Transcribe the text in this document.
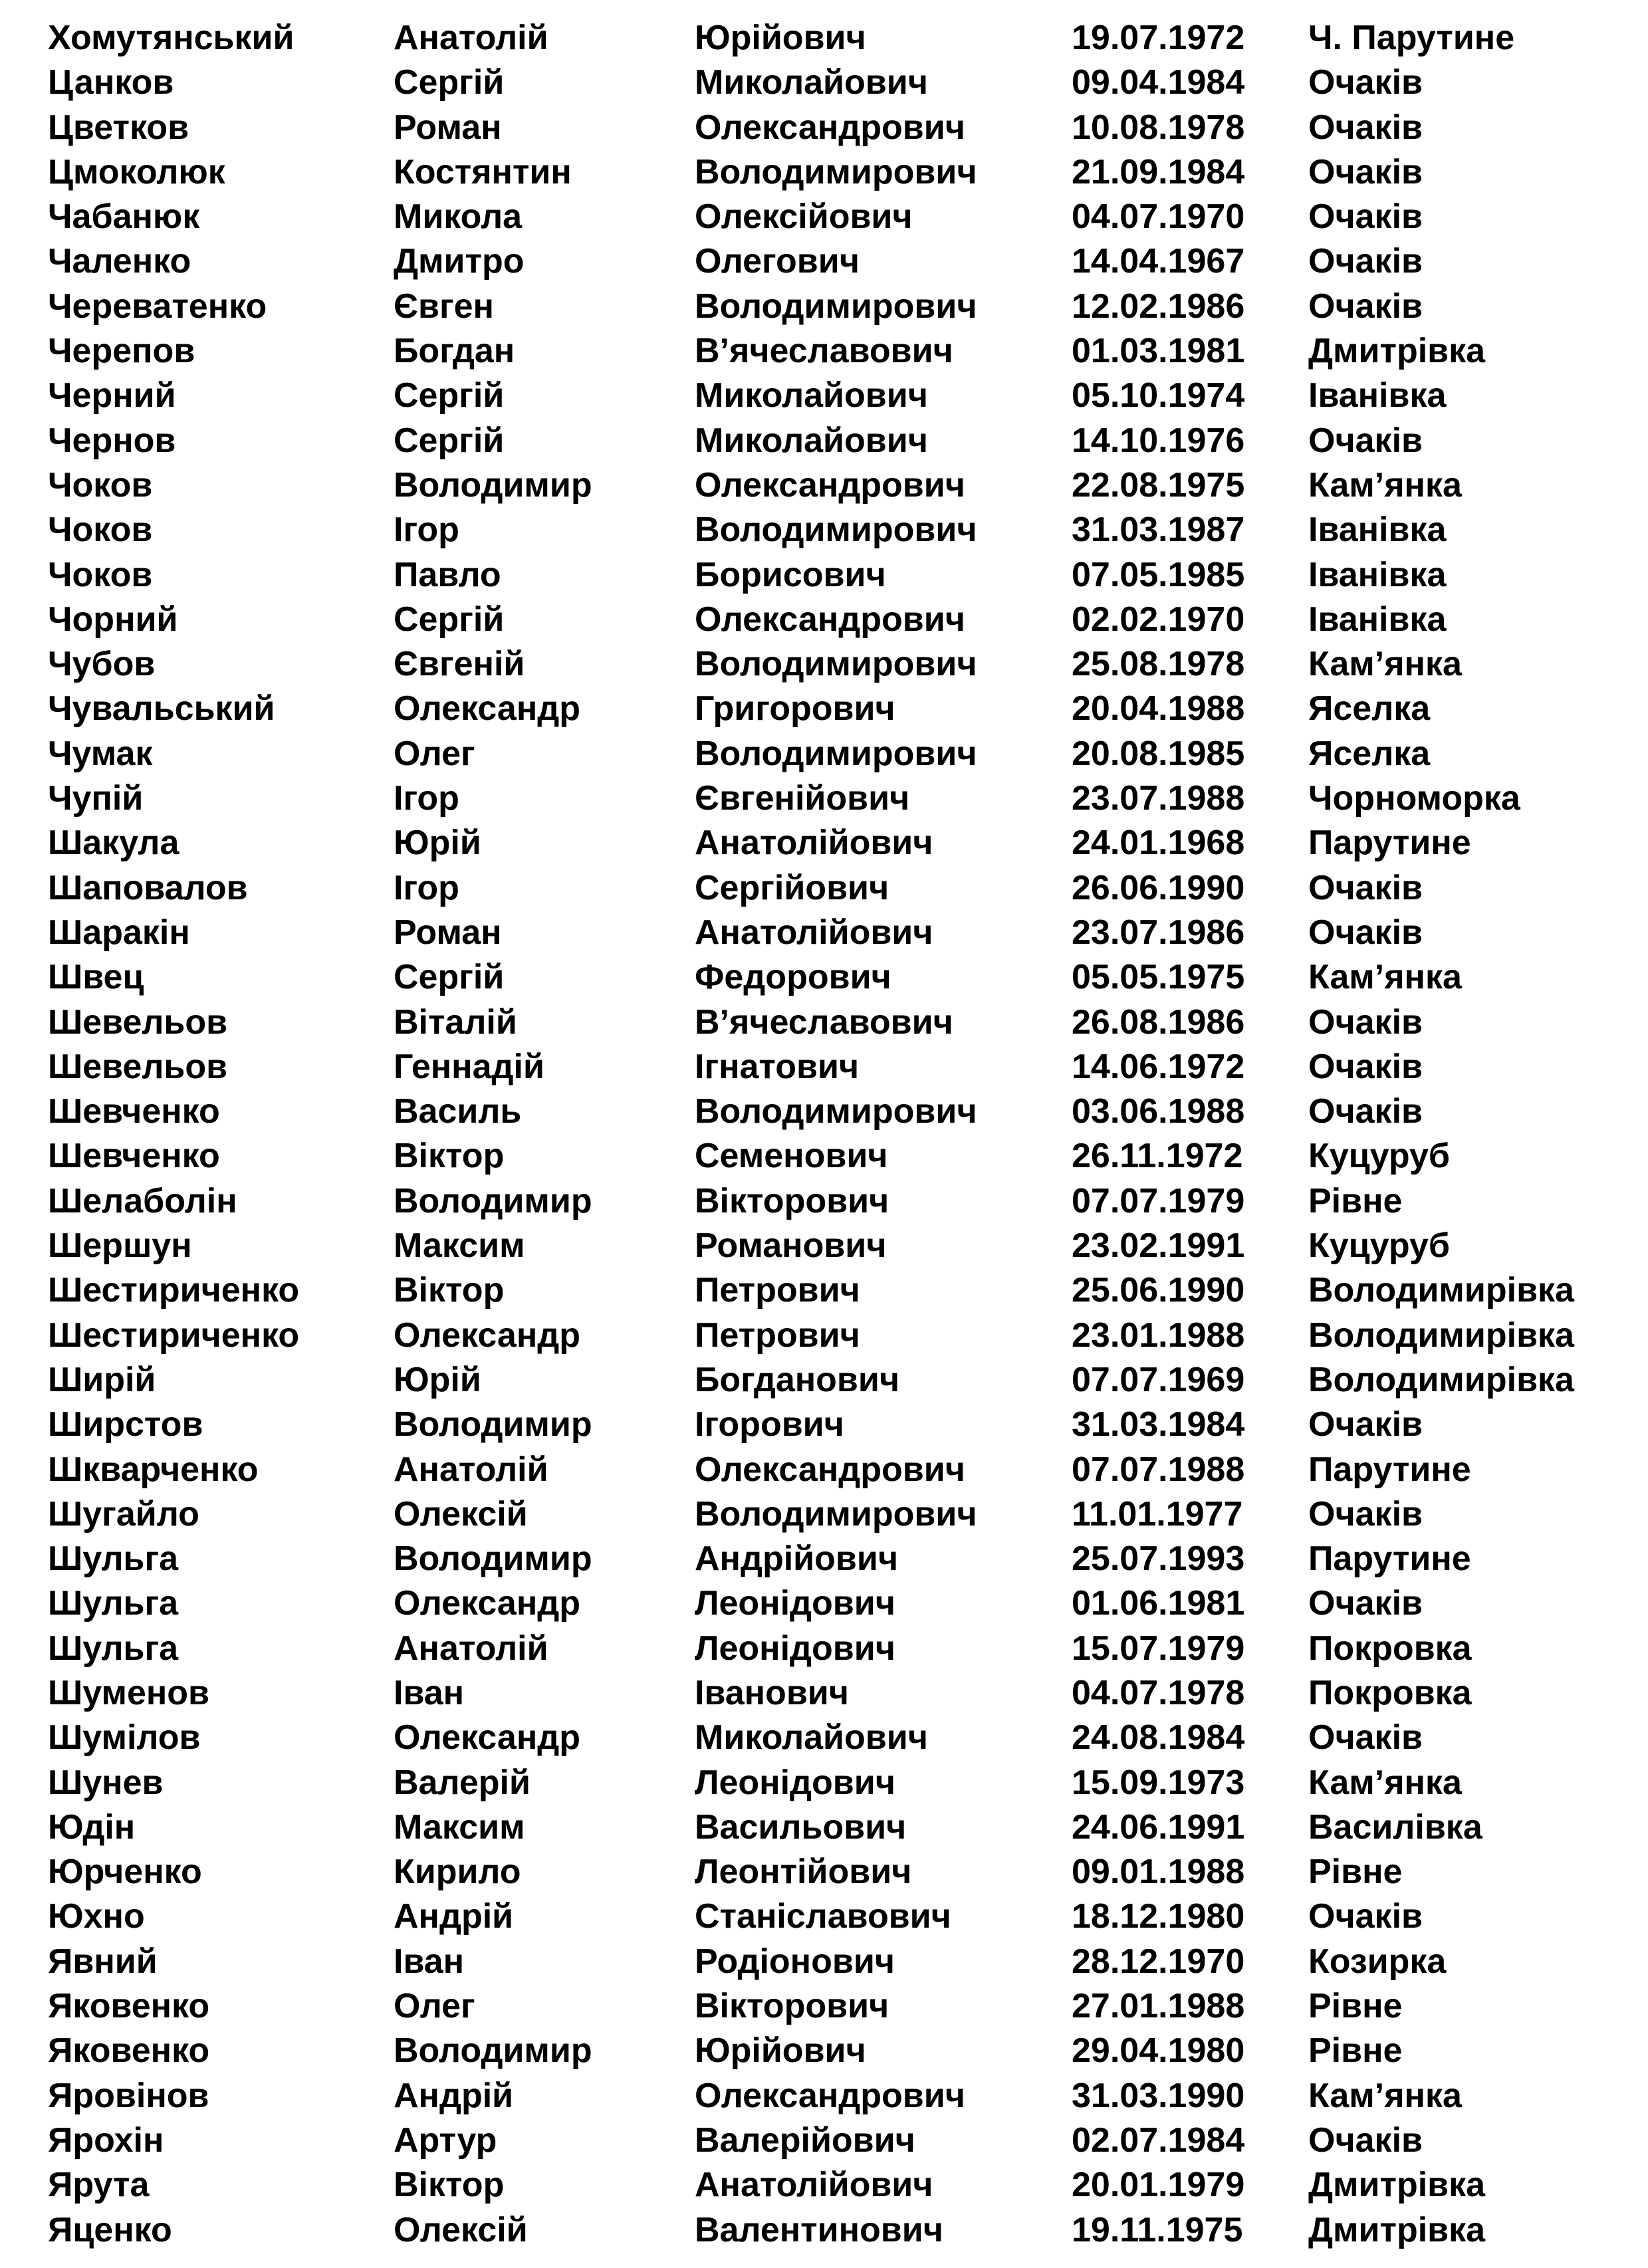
Хомутянський	Анатолій	Юрійович	19.07.1972 Ч. Парутине
Цанков	Сергій	Миколайович	09.04.1984 Очаків
Цветков	Роман	Олександрович	10.08.1978 Очаків
Цмоколюк	Костянтин	Володимирович	21.09.1984 Очаків
Чабанюк	Микола	Олексійович	04.07.1970 Очаків
Чаленко	Дмитро	Олегович	14.04.1967 Очаків
Череватенко	Євген	Володимирович	12.02.1986 Очаків
Черепов	Богдан	В’ячеславович	01.03.1981 Дмитрівка
Черний	Сергій	Миколайович	05.10.1974 Іванівка
Чернов	Сергій	Миколайович	14.10.1976 Очаків
Чоков	Володимир	Олександрович	22.08.1975 Кам’янка
Чоков	Ігор	Володимирович	31.03.1987 Іванівка
Чоков	Павло	Борисович	07.05.1985 Іванівка
Чорний	Сергій	Олександрович	02.02.1970 Іванівка
Чубов	Євгеній	Володимирович	25.08.1978 Кам’янка
Чувальський	Олександр	Григорович	20.04.1988 Яселка
Чумак	Олег	Володимирович	20.08.1985 Яселка
Чупій	Ігор	Євгенійович	23.07.1988 Чорноморка
Шакула	Юрій	Анатолійович	24.01.1968 Парутине
Шаповалов	Ігор	Сергійович	26.06.1990 Очаків
Шаракін	Роман	Анатолійович	23.07.1986 Очаків
Швец	Сергій	Федорович	05.05.1975 Кам’янка
Шевельов	Віталій	В’ячеславович	26.08.1986 Очаків
Шевельов	Геннадій	Ігнатович	14.06.1972 Очаків
Шевченко	Василь	Володимирович	03.06.1988 Очаків
Шевченко	Віктор	Семенович	26.11.1972 Куцуруб
Шелаболін	Володимир	Вікторович	07.07.1979 Рівне
Шершун	Максим	Романович	23.02.1991 Куцуруб
Шестириченко	Віктор	Петрович	25.06.1990 Володимирівка
Шестириченко	Олександр	Петрович	23.01.1988 Володимирівка
Ширій	Юрій	Богданович	07.07.1969 Володимирівка
Ширстов	Володимир	Ігорович	31.03.1984 Очаків
Шкварченко	Анатолій	Олександрович	07.07.1988 Парутине
Шугайло	Олексій	Володимирович	11.01.1977 Очаків
Шульга	Володимир	Андрійович	25.07.1993 Парутине
Шульга	Олександр	Леонідович	01.06.1981 Очаків
Шульга	Анатолій	Леонідович	15.07.1979 Покровка
Шуменов	Іван	Іванович	04.07.1978 Покровка
Шумілов	Олександр	Миколайович	24.08.1984 Очаків
Шунев	Валерій	Леонідович	15.09.1973 Кам’янка
Юдін	Максим	Васильович	24.06.1991 Василівка
Юрченко	Кирило	Леонтійович	09.01.1988 Рівне
Юхно	Андрій	Станіславович	18.12.1980 Очаків
Явний	Іван	Родіонович	28.12.1970 Козирка
Яковенко	Олег	Вікторович	27.01.1988 Рівне
Яковенко	Володимир	Юрійович	29.04.1980 Рівне
Яровінов	Андрій	Олександрович	31.03.1990 Кам’янка
Ярохін	Артур	Валерійович	02.07.1984 Очаків
Ярута	Віктор	Анатолійович	20.01.1979 Дмитрівка
Яценко	Олексій	Валентинович	19.11.1975 Дмитрівка
